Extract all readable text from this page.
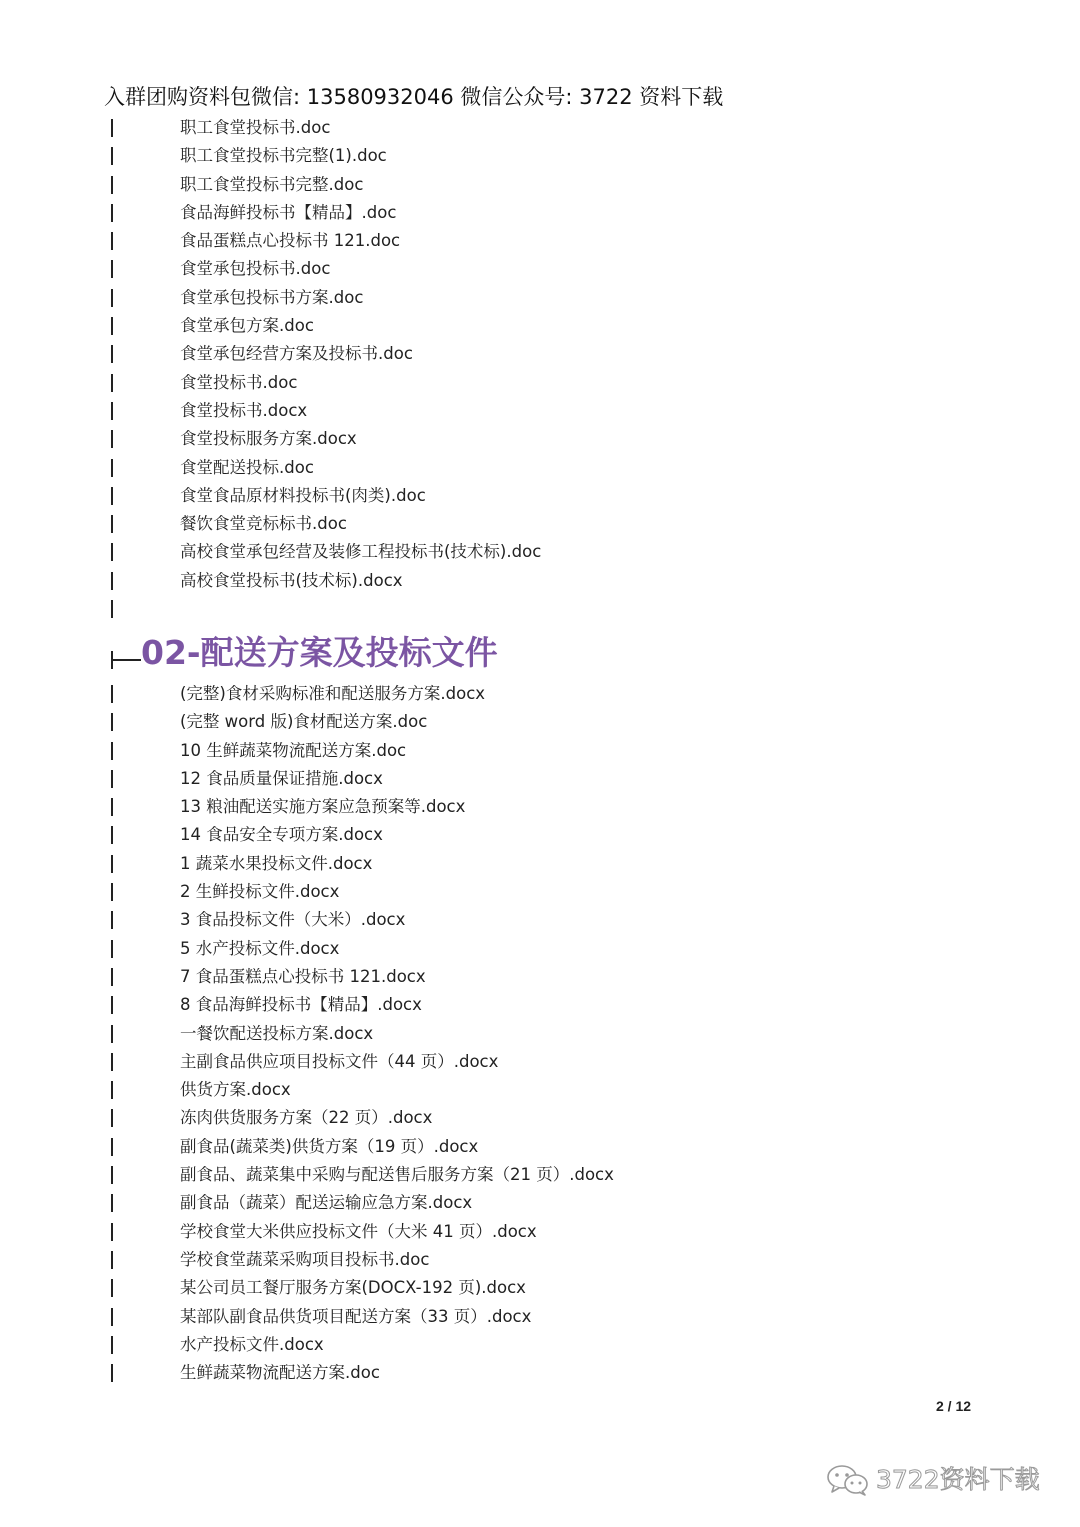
入群团购资料包微信: 13580932046 微信公众号: 3722 资料下载
职工食堂投标书.doc
职工食堂投标书完整(1).doc
职工食堂投标书完整.doc
食品海鲜投标书【精品】.doc
食品蛋糕点心投标书 121.doc
食堂承包投标书.doc
食堂承包投标书方案.doc
食堂承包方案.doc
食堂承包经营方案及投标书.doc
食堂投标书.doc
食堂投标书.docx
食堂投标服务方案.docx
食堂配送投标.doc
食堂食品原材料投标书(肉类).doc
餐饮食堂竞标标书.doc
高校食堂承包经营及装修工程投标书(技术标).doc
高校食堂投标书(技术标).docx
02-配送方案及投标文件
(完整)食材采购标准和配送服务方案.docx
(完整 word 版)食材配送方案.doc
10 生鲜蔬菜物流配送方案.doc
12 食品质量保证措施.docx
13 粮油配送实施方案应急预案等.docx
14 食品安全专项方案.docx
1 蔬菜水果投标文件.docx
2 生鲜投标文件.docx
3 食品投标文件（大米）.docx
5 水产投标文件.docx
7 食品蛋糕点心投标书 121.docx
8 食品海鲜投标书【精品】.docx
一餐饮配送投标方案.docx
主副食品供应项目投标文件（44 页）.docx
供货方案.docx
冻肉供货服务方案（22 页）.docx
副食品(蔬菜类)供货方案（19 页）.docx
副食品、蔬菜集中采购与配送售后服务方案（21 页）.docx
副食品（蔬菜）配送运输应急方案.docx
学校食堂大米供应投标文件（大米 41 页）.docx
学校食堂蔬菜采购项目投标书.doc
某公司员工餐厅服务方案(DOCX-192 页).docx
某部队副食品供货项目配送方案（33 页）.docx
水产投标文件.docx
生鲜蔬菜物流配送方案.doc
2 / 12
3722资料下载
